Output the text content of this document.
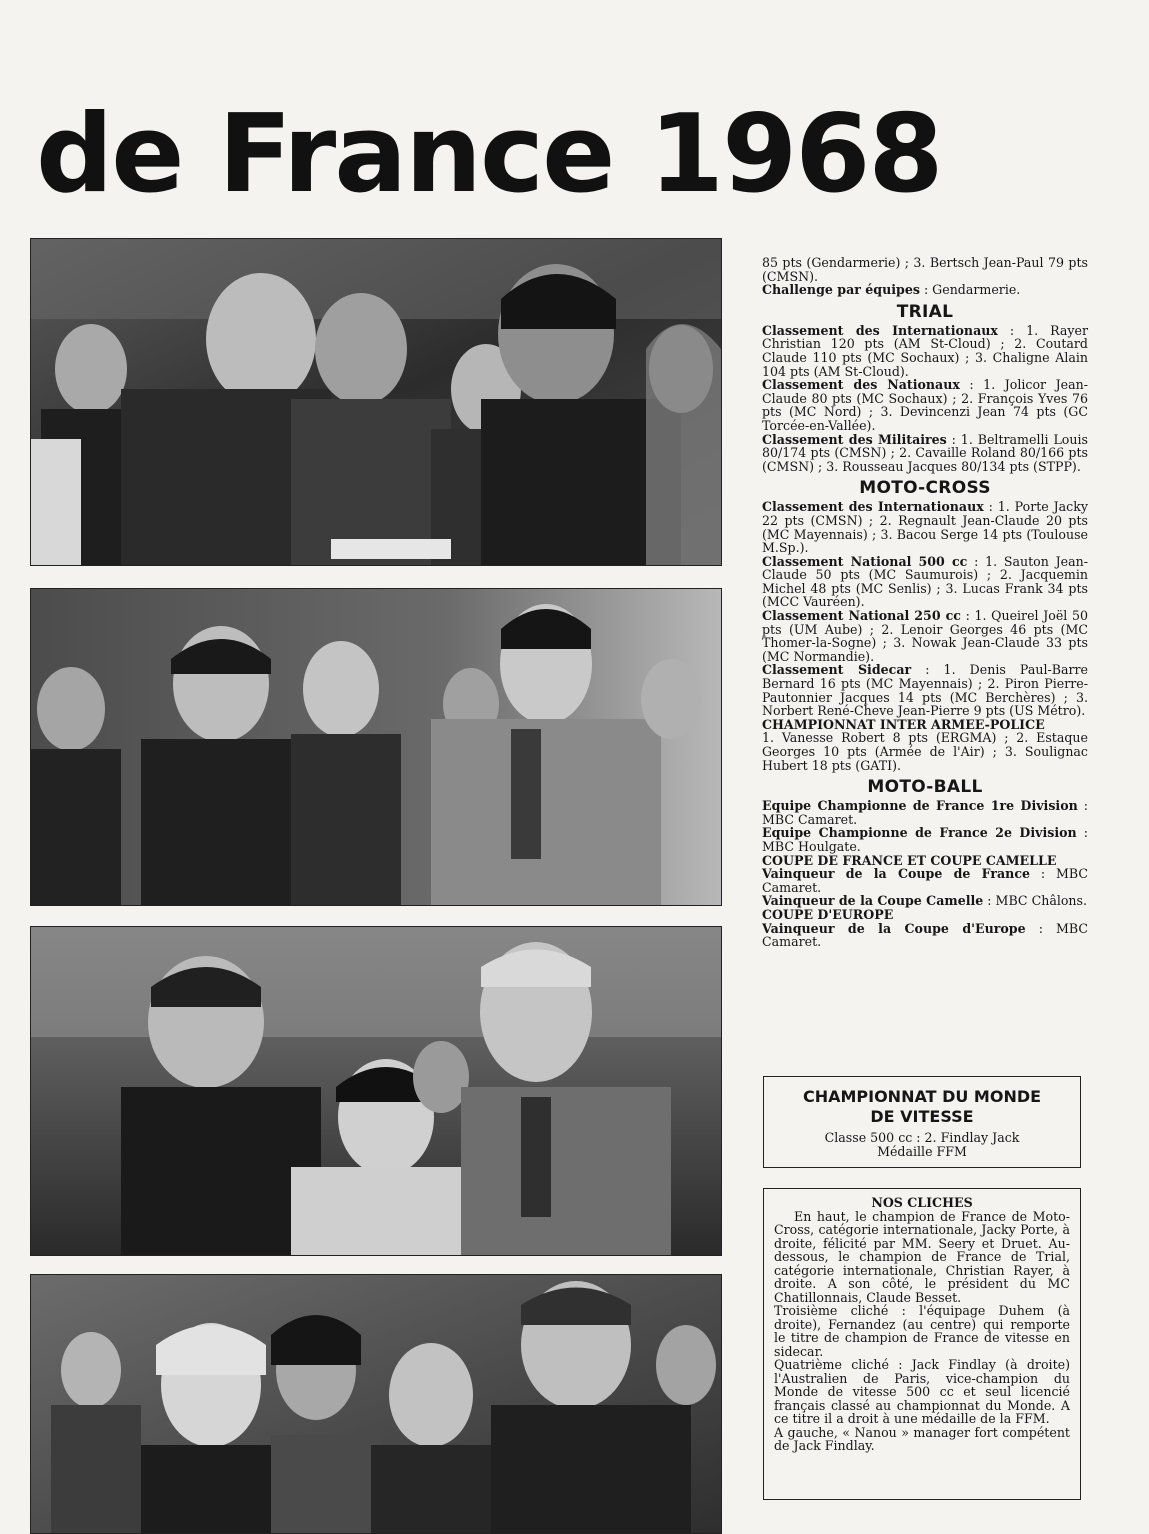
de France 1968

85 pts (Gendarmerie) ; 3. Bertsch Jean-Paul 79 pts (CMSN).

Challenge par équipes : Gendarmerie.

TRIAL

Classement des Internationaux : 1. Rayer Christian 120 pts (AM St-Cloud) ; 2. Coutard Claude 110 pts (MC Sochaux) ; 3. Chaligne Alain 104 pts (AM St-Cloud).

Classement des Nationaux : 1. Jolicor Jean-Claude 80 pts (MC Sochaux) ; 2. François Yves 76 pts (MC Nord) ; 3. Devincenzi Jean 74 pts (GC Torcée-en-Vallée).

Classement des Militaires : 1. Beltramelli Louis 80/174 pts (CMSN) ; 2. Cavaille Roland 80/166 pts (CMSN) ; 3. Rousseau Jacques 80/134 pts (STPP).

MOTO-CROSS

Classement des Internationaux : 1. Porte Jacky 22 pts (CMSN) ; 2. Regnault Jean-Claude 20 pts (MC Mayennais) ; 3. Bacou Serge 14 pts (Toulouse M.Sp.).

Classement National 500 cc : 1. Sauton Jean-Claude 50 pts (MC Saumurois) ; 2. Jacquemin Michel 48 pts (MC Senlis) ; 3. Lucas Frank 34 pts (MCC Vauréen).

Classement National 250 cc : 1. Queirel Joël 50 pts (UM Aube) ; 2. Lenoir Georges 46 pts (MC Thomer-la-Sogne) ; 3. Nowak Jean-Claude 33 pts (MC Normandie).

Classement Sidecar : 1. Denis Paul-Barre Bernard 16 pts (MC Mayennais) ; 2. Piron Pierre-Pautonnier Jacques 14 pts (MC Berchères) ; 3. Norbert René-Cheve Jean-Pierre 9 pts (US Métro).

CHAMPIONNAT INTER ARMEE-POLICE
1. Vanesse Robert 8 pts (ERGMA) ; 2. Estaque Georges 10 pts (Armée de l'Air) ; 3. Soulignac Hubert 18 pts (GATI).

MOTO-BALL

Equipe Championne de France 1re Division : MBC Camaret.

Equipe Championne de France 2e Division : MBC Houlgate.

COUPE DE FRANCE ET COUPE CAMELLE

Vainqueur de la Coupe de France : MBC Camaret.

Vainqueur de la Coupe Camelle : MBC Châlons.

COUPE D'EUROPE

Vainqueur de la Coupe d'Europe : MBC Camaret.

CHAMPIONNAT DU MONDE

DE VITESSE

Classe 500 cc : 2. Findlay Jack

Médaille FFM

NOS CLICHES

En haut, le champion de France de Moto-Cross, catégorie internationale, Jacky Porte, à droite, félicité par MM. Seery et Druet. Au-dessous, le champion de France de Trial, catégorie internationale, Christian Rayer, à droite. A son côté, le président du MC Chatillonnais, Claude Besset.

Troisième cliché : l'équipage Duhem (à droite), Fernandez (au centre) qui remporte le titre de champion de France de vitesse en sidecar.

Quatrième cliché : Jack Findlay (à droite) l'Australien de Paris, vice-champion du Monde de vitesse 500 cc et seul licencié français classé au championnat du Monde. A ce titre il a droit à une médaille de la FFM.

A gauche, « Nanou » manager fort compétent de Jack Findlay.
